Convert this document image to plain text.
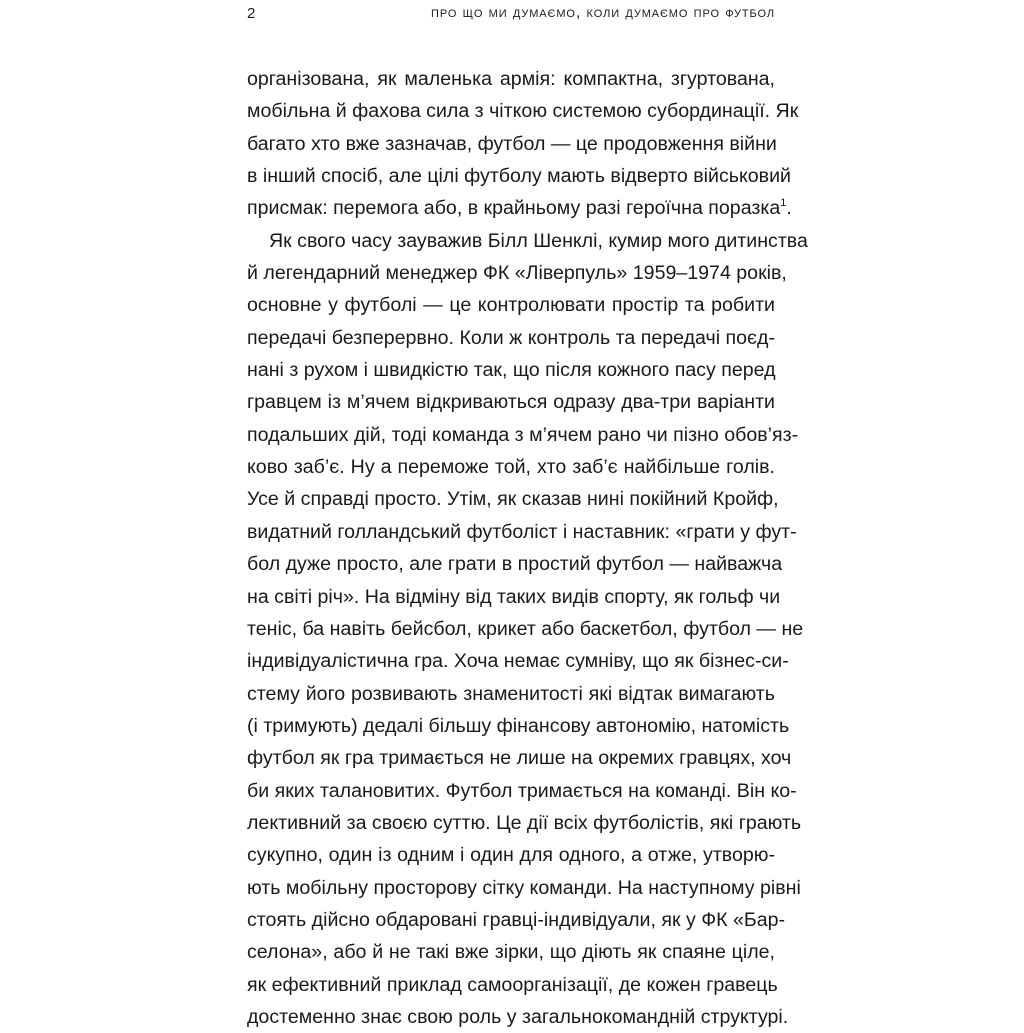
2	про що ми думаємо, коли думаємо про футбол
організована, як маленька армія: компактна, згуртована,
мобільна й фахова сила з чіткою системою субординації. Як
багато хто вже зазначав, футбол — це продовження війни
в інший спосіб, але цілі футболу мають відверто військовий
присмак: перемога або, в крайньому разі героїчна поразка$^1$.
Як свого часу зауважив Білл Шенклі, кумир мого дитинства
й легендарний менеджер ФК «Ліверпуль» 1959–1974 років,
основне у футболі — це контролювати простір та робити
передачі безперервно. Коли ж контроль та передачі поєд-
нані з рухом і швидкістю так, що після кожного пасу перед
гравцем із м’ячем відкриваються одразу два-три варіанти
подальших дій, тоді команда з м’ячем рано чи пізно обов’яз-
ково заб’є. Ну а переможе той, хто заб’є найбільше голів.
Усе й справді просто. Утім, як сказав нині покійний Кройф,
видатний голландський футболіст і наставник: «грати у фут-
бол дуже просто, але грати в простий футбол — найважча
на світі річ». На відміну від таких видів спорту, як гольф чи
теніс, ба навіть бейсбол, крикет або баскетбол, футбол — не
індивідуалістична гра. Хоча немає сумніву, що як бізнес-си-
стему його розвивають знаменитості які відтак вимагають
(і тримують) дедалі більшу фінансову автономію, натомість
футбол як гра тримається не лише на окремих гравцях, хоч
би яких талановитих. Футбол тримається на команді. Він ко-
лективний за своєю суттю. Це дії всіх футболістів, які грають
сукупно, один із одним і один для одного, а отже, утворю-
ють мобільну просторову сітку команди. На наступному рівні
стоять дійсно обдаровані гравці-індивідуали, як у ФК «Бар-
селона», або й не такі вже зірки, що діють як спаяне ціле,
як ефективний приклад самоорганізації, де кожен гравець
достеменно знає свою роль у загальнокомандній структурі.
